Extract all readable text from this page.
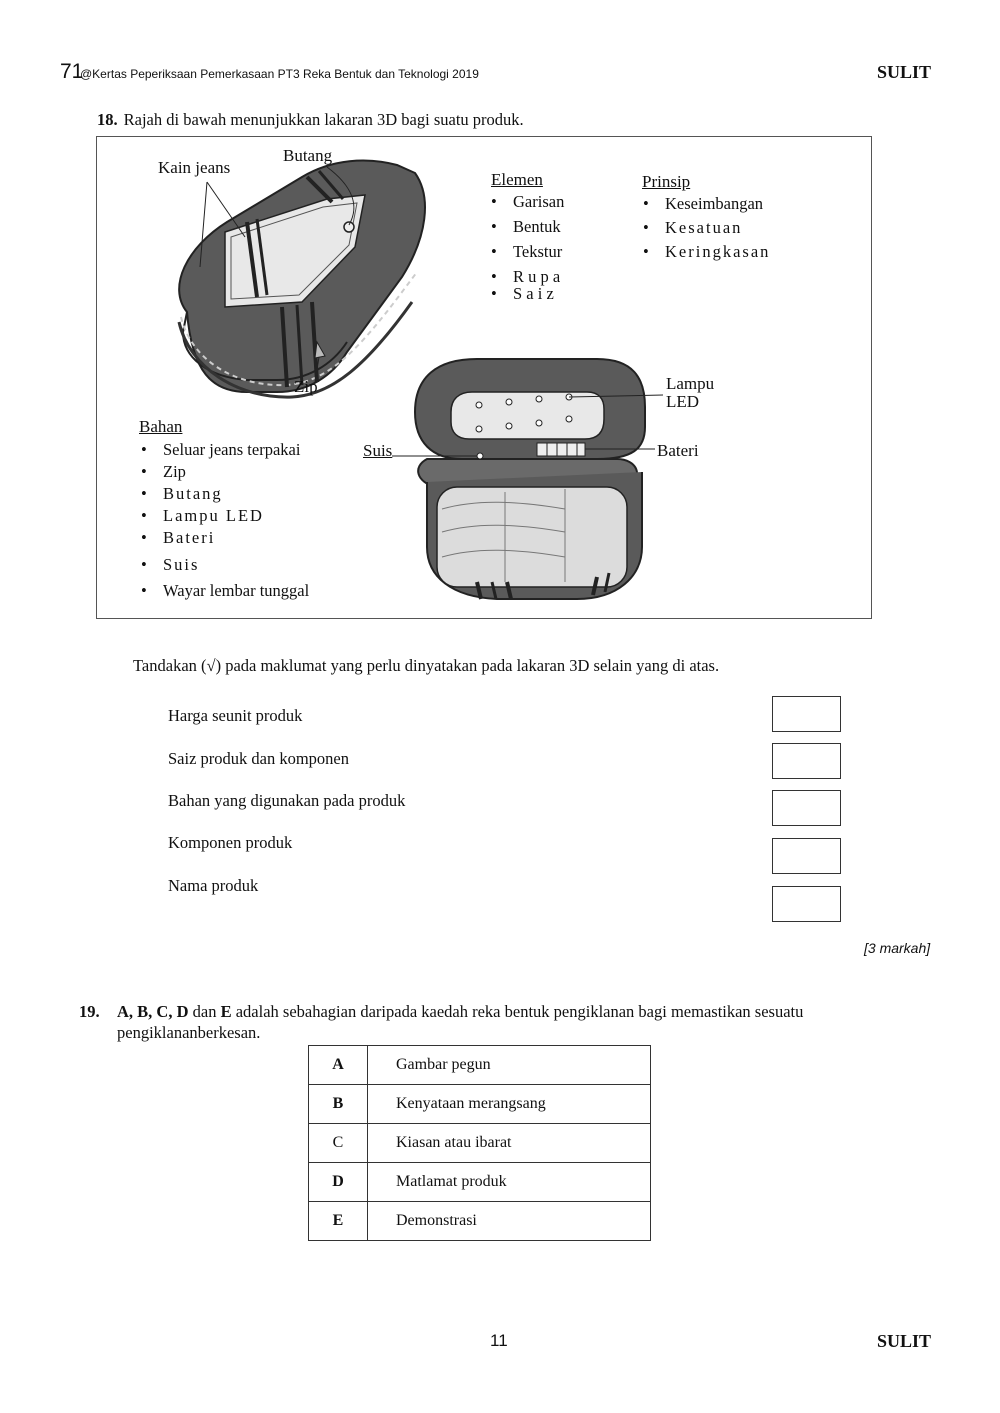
71
@Kertas Peperiksaan Pemerkasaan PT3 Reka Bentuk dan Teknologi 2019	SULIT
18. Rajah di bawah menunjukkan lakaran 3D bagi suatu produk.
Kain jeans
Butang
Zip
Suis
Lampu
LED
Bateri
Elemen
• Garisan
• Bentuk
• Tekstur
• R u p a
• S a i z
Prinsip
• Keseimbangan
• Kesatuan
• Keringkasan
Bahan
• Seluar jeans terpakai
• Zip
• Butang
• Lampu LED
• Bateri
• Suis
• Wayar lembar tunggal
Tandakan (√) pada maklumat yang perlu dinyatakan pada lakaran 3D selain yang di atas.
Harga seunit produk
Saiz produk dan komponen
Bahan yang digunakan pada produk
Komponen produk
Nama produk
[3 markah]
19. A, B, C, D dan E adalah sebahagian daripada kaedah reka bentuk pengiklanan bagi memastikan sesuatu pengiklananberkesan.
A	Gambar pegun
B	Kenyataan merangsang
C	Kiasan atau ibarat
D	Matlamat produk
E	Demonstrasi
11	SULIT
